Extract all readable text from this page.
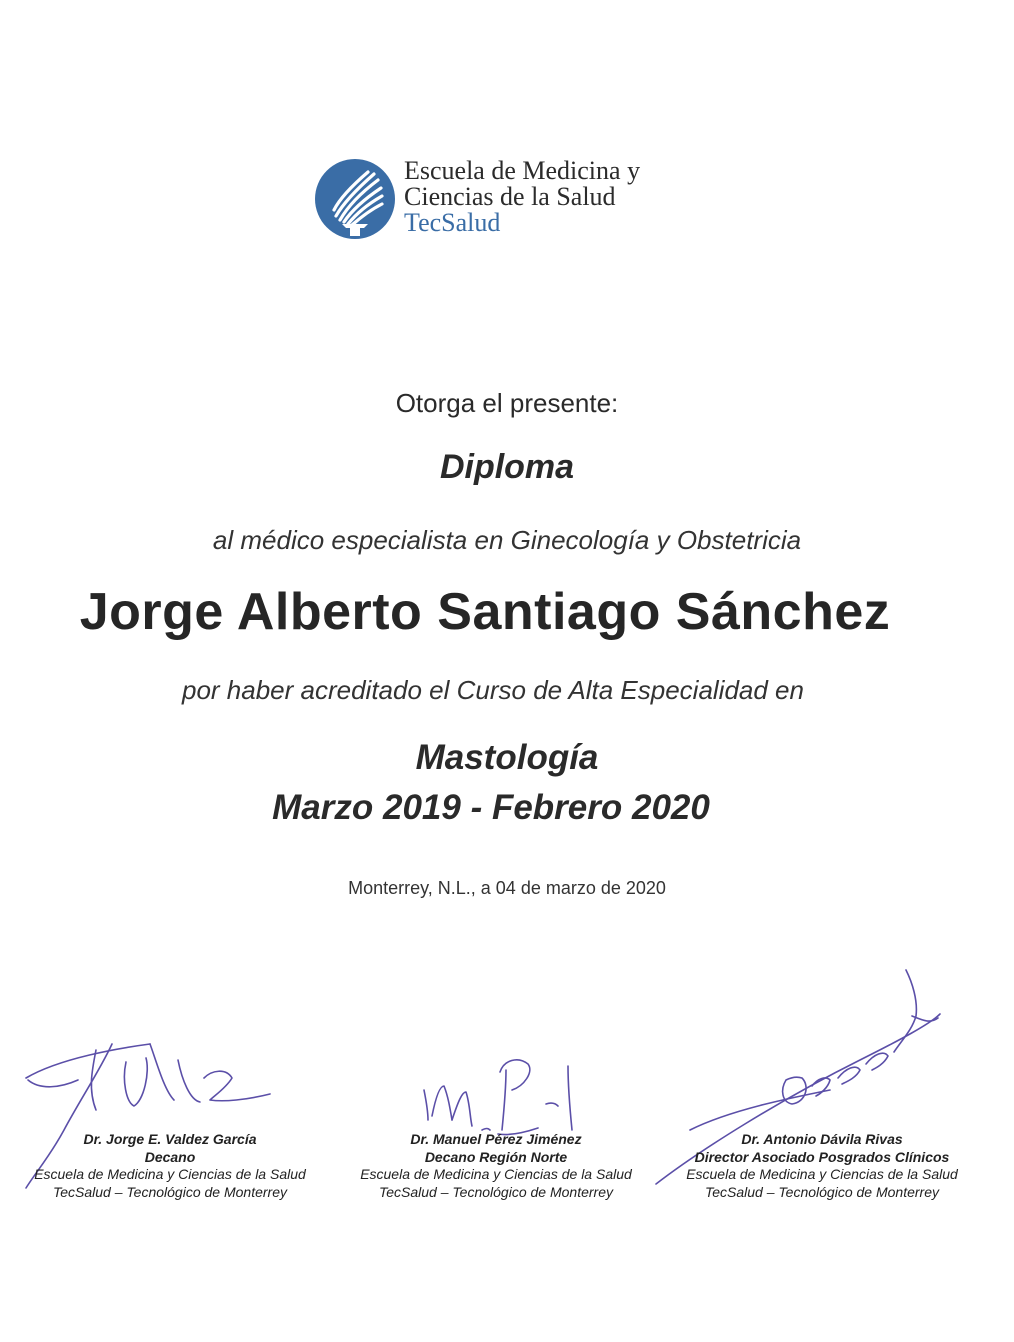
Escuela de Medicina y
Ciencias de la Salud
TecSalud
Otorga el presente:
Diploma
al médico especialista en Ginecología y Obstetricia
Jorge Alberto Santiago Sánchez
por haber acreditado el Curso de Alta Especialidad en
Mastología
Marzo 2019 - Febrero 2020
Monterrey, N.L., a 04 de marzo de 2020
Dr. Jorge E. Valdez García
Decano
Escuela de Medicina y Ciencias de la Salud
TecSalud – Tecnológico de Monterrey
Dr. Manuel Pérez Jiménez
Decano Región Norte
Escuela de Medicina y Ciencias de la Salud
TecSalud – Tecnológico de Monterrey
Dr. Antonio Dávila Rivas
Director Asociado Posgrados Clínicos
Escuela de Medicina y Ciencias de la Salud
TecSalud – Tecnológico de Monterrey
